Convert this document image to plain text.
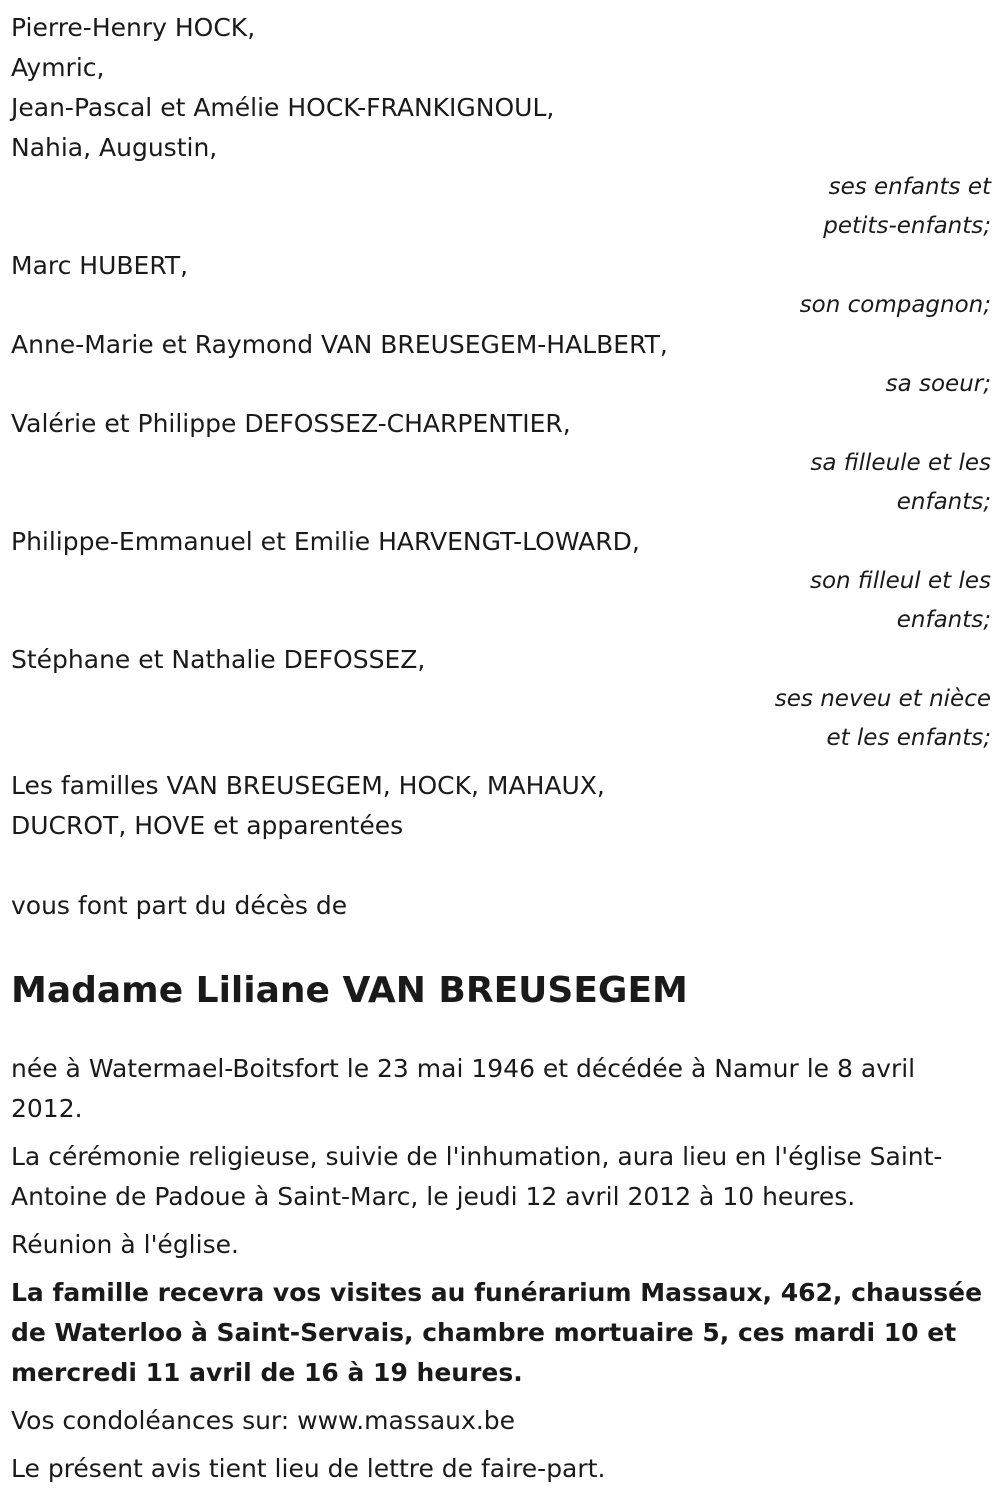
Pierre-Henry HOCK,
Aymric,
Jean-Pascal et Amélie HOCK-FRANKIGNOUL,
Nahia, Augustin,
ses enfants et
petits-enfants;
Marc HUBERT,
son compagnon;
Anne-Marie et Raymond VAN BREUSEGEM-HALBERT,
sa soeur;
Valérie et Philippe DEFOSSEZ-CHARPENTIER,
sa filleule et les
enfants;
Philippe-Emmanuel et Emilie HARVENGT-LOWARD,
son filleul et les
enfants;
Stéphane et Nathalie DEFOSSEZ,
ses neveu et nièce
et les enfants;
Les familles VAN BREUSEGEM, HOCK, MAHAUX,
DUCROT, HOVE et apparentées
vous font part du décès de
Madame Liliane VAN BREUSEGEM
née à Watermael-Boitsfort le 23 mai 1946 et décédée à Namur le 8 avril 2012.
La cérémonie religieuse, suivie de l'inhumation, aura lieu en l'église Saint-Antoine de Padoue à Saint-Marc, le jeudi 12 avril 2012 à 10 heures.
Réunion à l'église.
La famille recevra vos visites au funérarium Massaux, 462, chaussée de Waterloo à Saint-Servais, chambre mortuaire 5, ces mardi 10 et mercredi 11 avril de 16 à 19 heures.
Vos condoléances sur: www.massaux.be
Le présent avis tient lieu de lettre de faire-part.
